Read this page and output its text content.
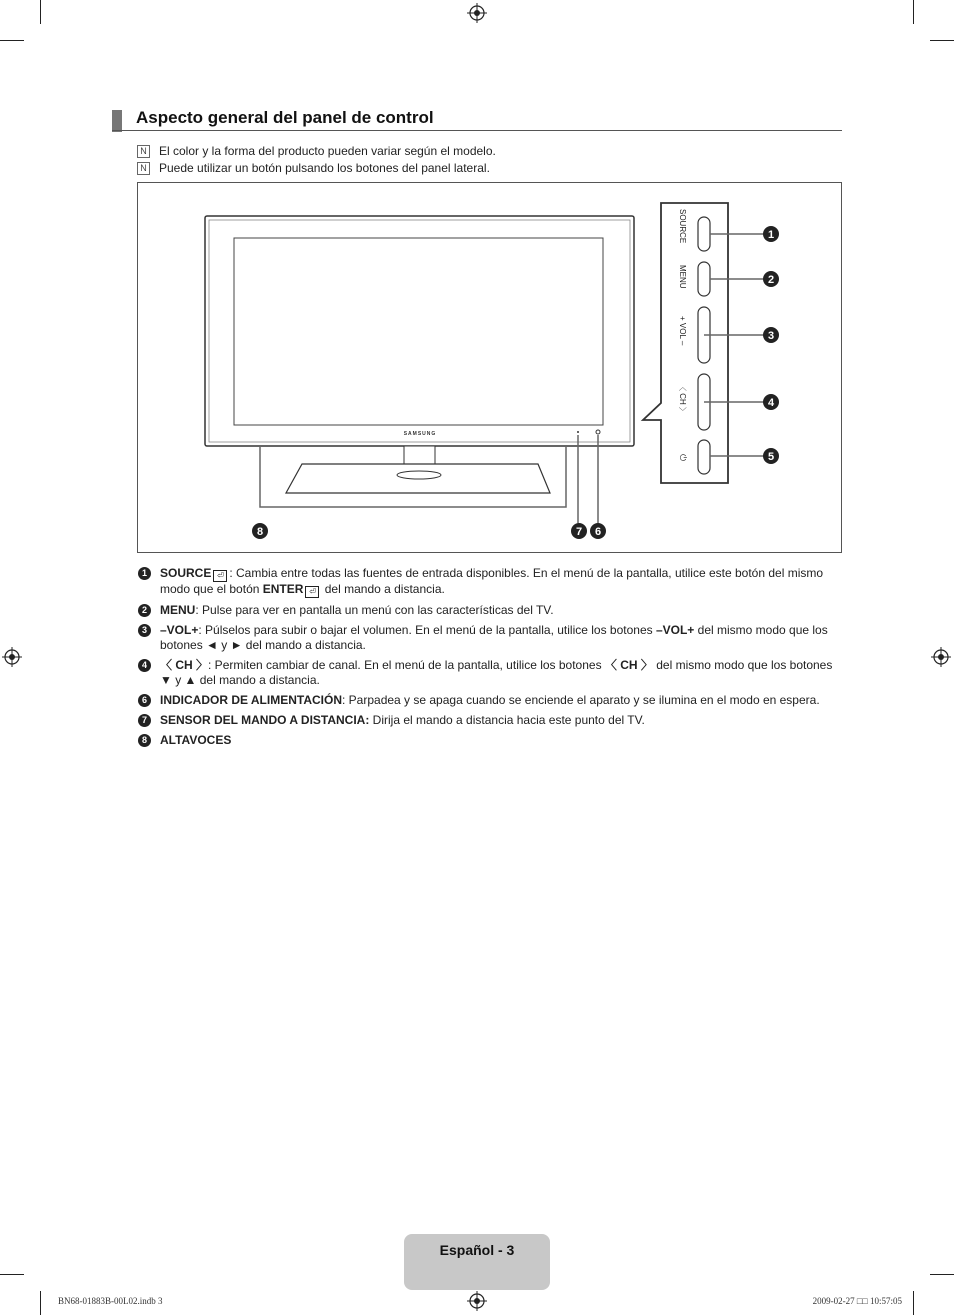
Aspecto general del panel de control
N El color y la forma del producto pueden variar según el modelo.
N Puede utilizar un botón pulsando los botones del panel lateral.
SAMSUNG
SOURCE
MENU
+ VOL –
〈 CH 〉
⏻
1
2
3
4
5
8	7 6
1	SOURCE ⏎ : Cambia entre todas las fuentes de entrada disponibles. En el menú de la pantalla, utilice este botón del mismo modo que el botón ENTER ⏎ del mando a distancia.
2	MENU: Pulse para ver en pantalla un menú con las características del TV.
3	–VOL+: Púlselos para subir o bajar el volumen. En el menú de la pantalla, utilice los botones –VOL+ del mismo modo que los botones ◄ y ► del mando a distancia.
4	〈 CH 〉: Permiten cambiar de canal. En el menú de la pantalla, utilice los botones 〈 CH 〉 del mismo modo que los botones ▼ y ▲ del mando a distancia.
6	INDICADOR DE ALIMENTACIÓN: Parpadea y se apaga cuando se enciende el aparato y se ilumina en el modo en espera.
7	SENSOR DEL MANDO A DISTANCIA: Dirija el mando a distancia hacia este punto del TV.
8	ALTAVOCES
Español - 3
BN68-01883B-00L02.indb 3	2009-02-27 □□ 10:57:05
